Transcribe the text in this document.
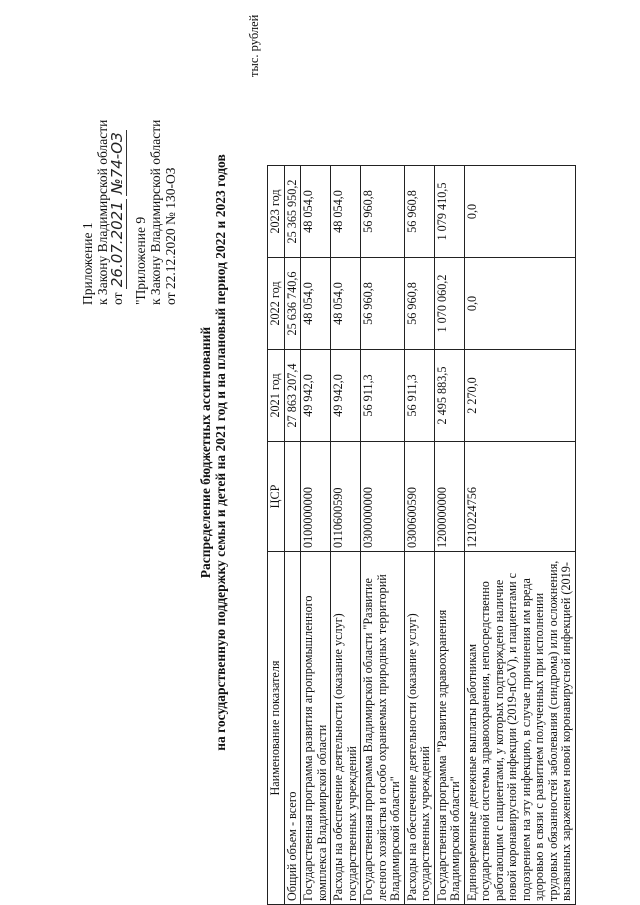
Приложение 1 к Закону Владимирской области от 26.07.2021 №74-ОЗ
"Приложение 9 к Закону Владимирской области от 22.12.2020 № 130-ОЗ
Распределение бюджетных ассигнований на государственную поддержку семьи и детей на 2021 год и на плановый период 2022 и 2023 годов
тыс. рублей
Наименование показателя	ЦСР	2021 год	2022 год	2023 год
Общий объем - всего		27 863 207,4	25 636 740,6	25 365 950,2
Государственная программа развития агропромышленного комплекса Владимирской области	0100000000	49 942,0	48 054,0	48 054,0
Расходы на обеспечение деятельности (оказание услуг) государственных учреждений	0110600590	49 942,0	48 054,0	48 054,0
Государственная программа Владимирской области "Развитие лесного хозяйства и особо охраняемых природных территорий Владимирской области"	0300000000	56 911,3	56 960,8	56 960,8
Расходы на обеспечение деятельности (оказание услуг) государственных учреждений	0300600590	56 911,3	56 960,8	56 960,8
Государственная программа "Развитие здравоохранения Владимирской области"	1200000000	2 495 883,5	1 070 060,2	1 079 410,5
Единовременные денежные выплаты работникам государственной системы здравоохранения, непосредственно работающим с пациентами, у которых подтверждено наличие новой коронавирусной инфекции (2019-nCoV), и пациентами с подозрением на эту инфекцию, в случае причинения им вреда здоровью в связи с развитием полученных при исполнении трудовых обязанностей заболевания (синдрома) или осложнения, вызванных заражением новой коронавирусной инфекцией (2019-	1210224756	2 270,0	0,0	0,0
